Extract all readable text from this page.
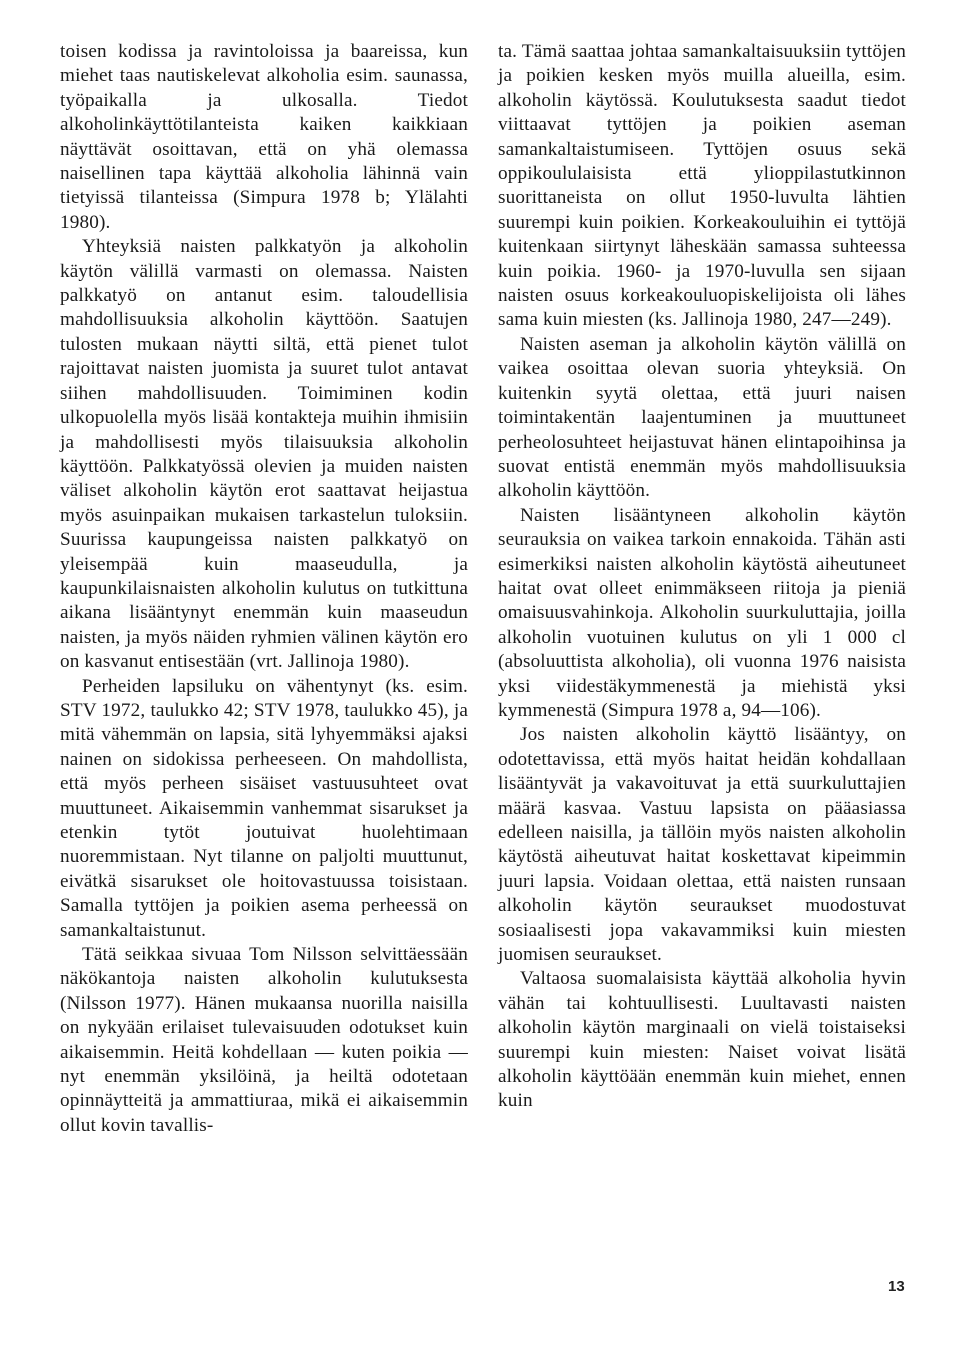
toisen kodissa ja ravintoloissa ja baareissa, kun miehet taas nautiskelevat alkoholia esim. saunassa, työpaikalla ja ulkosalla. Tiedot alkoholinkäyttötilanteista kaiken kaikkiaan näyttävät osoittavan, että on yhä olemassa naisellinen tapa käyttää alkoholia lähinnä vain tietyissä tilanteissa (Simpura 1978 b; Ylälahti 1980).

Yhteyksiä naisten palkkatyön ja alkoholin käytön välillä varmasti on olemassa. Naisten palkkatyö on antanut esim. taloudellisia mahdollisuuksia alkoholin käyttöön. Saatujen tulosten mukaan näytti siltä, että pienet tulot rajoittavat naisten juomista ja suuret tulot antavat siihen mahdollisuuden. Toimiminen kodin ulkopuolella myös lisää kontakteja muihin ihmisiin ja mahdollisesti myös tilaisuuksia alkoholin käyttöön. Palkkatyössä olevien ja muiden naisten väliset alkoholin käytön erot saattavat heijastua myös asuinpaikan mukaisen tarkastelun tuloksiin. Suurissa kaupungeissa naisten palkkatyö on yleisempää kuin maaseudulla, ja kaupunkilaisnaisten alkoholin kulutus on tutkittuna aikana lisääntynyt enemmän kuin maaseudun naisten, ja myös näiden ryhmien välinen käytön ero on kasvanut entisestään (vrt. Jallinoja 1980).

Perheiden lapsiluku on vähentynyt (ks. esim. STV 1972, taulukko 42; STV 1978, taulukko 45), ja mitä vähemmän on lapsia, sitä lyhyemmäksi ajaksi nainen on sidokissa perheeseen. On mahdollista, että myös perheen sisäiset vastuusuhteet ovat muuttuneet. Aikaisemmin vanhemmat sisarukset ja etenkin tytöt joutuivat huolehtimaan nuoremmistaan. Nyt tilanne on paljolti muuttunut, eivätkä sisarukset ole hoitovastuussa toisistaan. Samalla tyttöjen ja poikien asema perheessä on samankaltaistunut.

Tätä seikkaa sivuaa Tom Nilsson selvittäessään näkökantoja naisten alkoholin kulutuksesta (Nilsson 1977). Hänen mukaansa nuorilla naisilla on nykyään erilaiset tulevaisuuden odotukset kuin aikaisemmin. Heitä kohdellaan — kuten poikia — nyt enemmän yksilöinä, ja heiltä odotetaan opinnäytteitä ja ammattiuraa, mikä ei aikaisemmin ollut kovin tavallis-

ta. Tämä saattaa johtaa samankaltaisuuksiin tyttöjen ja poikien kesken myös muilla alueilla, esim. alkoholin käytössä. Koulutuksesta saadut tiedot viittaavat tyttöjen ja poikien aseman samankaltaistumiseen. Tyttöjen osuus sekä oppikoululaisista että ylioppilastutkinnon suorittaneista on ollut 1950-luvulta lähtien suurempi kuin poikien. Korkeakouluihin ei tyttöjä kuitenkaan siirtynyt läheskään samassa suhteessa kuin poikia. 1960- ja 1970-luvulla sen sijaan naisten osuus korkeakouluopiskelijoista oli lähes sama kuin miesten (ks. Jallinoja 1980, 247—249).

Naisten aseman ja alkoholin käytön välillä on vaikea osoittaa olevan suoria yhteyksiä. On kuitenkin syytä olettaa, että juuri naisen toimintakentän laajentuminen ja muuttuneet perheolosuhteet heijastuvat hänen elintapoihinsa ja suovat entistä enemmän myös mahdollisuuksia alkoholin käyttöön.

Naisten lisääntyneen alkoholin käytön seurauksia on vaikea tarkoin ennakoida. Tähän asti esimerkiksi naisten alkoholin käytöstä aiheutuneet haitat ovat olleet enimmäkseen riitoja ja pieniä omaisuusvahinkoja. Alkoholin suurkuluttajia, joilla alkoholin vuotuinen kulutus on yli 1 000 cl (absoluuttista alkoholia), oli vuonna 1976 naisista yksi viidestäkymmenestä ja miehistä yksi kymmenestä (Simpura 1978 a, 94—106).

Jos naisten alkoholin käyttö lisääntyy, on odotettavissa, että myös haitat heidän kohdallaan lisääntyvät ja vakavoituvat ja että suurkuluttajien määrä kasvaa. Vastuu lapsista on pääasiassa edelleen naisilla, ja tällöin myös naisten alkoholin käytöstä aiheutuvat haitat koskettavat kipeimmin juuri lapsia. Voidaan olettaa, että naisten runsaan alkoholin käytön seuraukset muodostuvat sosiaalisesti jopa vakavammiksi kuin miesten juomisen seuraukset.

Valtaosa suomalaisista käyttää alkoholia hyvin vähän tai kohtuullisesti. Luultavasti naisten alkoholin käytön marginaali on vielä toistaiseksi suurempi kuin miesten: Naiset voivat lisätä alkoholin käyttöään enemmän kuin miehet, ennen kuin

13
